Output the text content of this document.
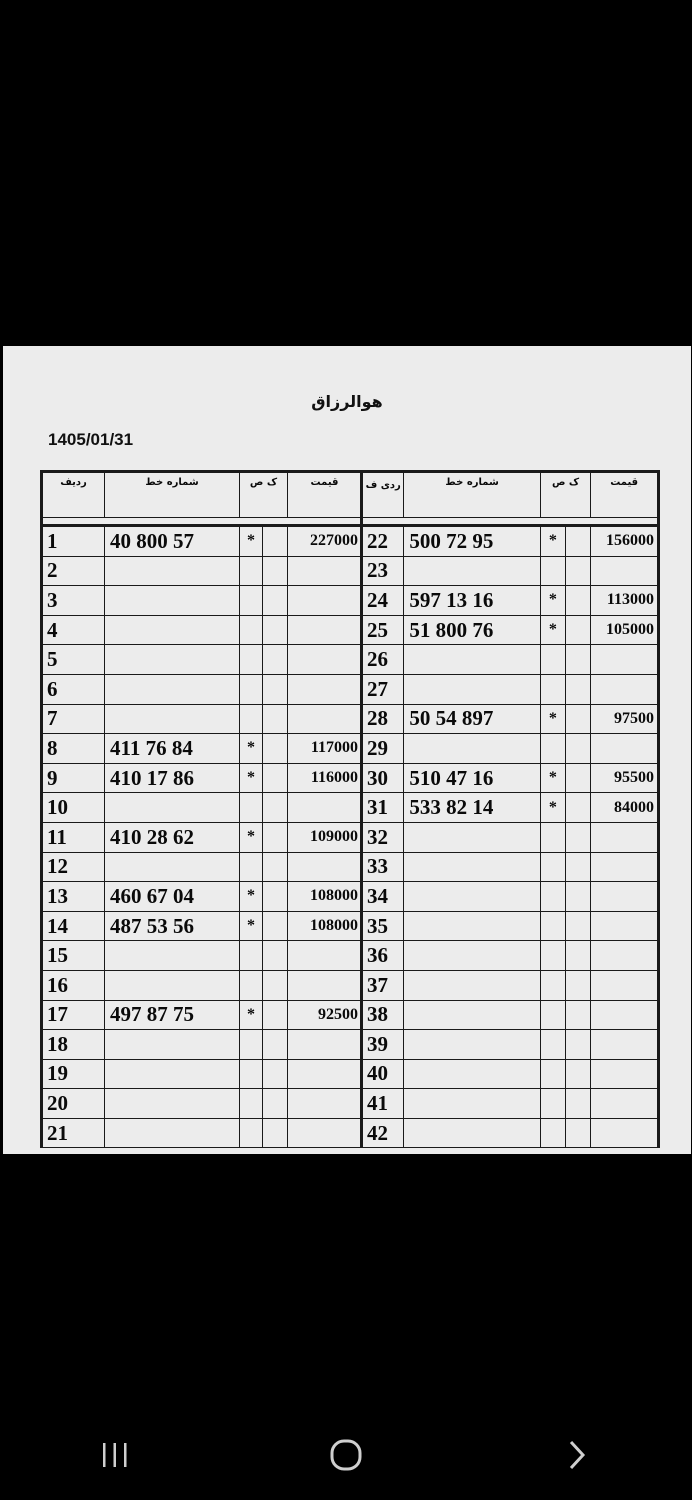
هوالرزاق
1405/01/31
ردیف	شماره خط	ک ص		قیمت

1	40 800 57	*		227000
2				
3				
4				
5				
6				
7				
8	411 76 84	*		117000
9	410 17 86	*		116000
10				
11	410 28 62	*		109000
12				
13	460 67 04	*		108000
14	487 53 56	*		108000
15				
16				
17	497 87 75	*		92500
18				
19				
20				
21				
ردی ف	شماره خط	ک ص		قیمت

22	500 72 95	*		156000
23				
24	597 13 16	*		113000
25	51 800 76	*		105000
26				
27				
28	50 54 897	*		97500
29				
30	510 47 16	*		95500
31	533 82 14	*		84000
32				
33				
34				
35				
36				
37				
38				
39				
40				
41				
42				
